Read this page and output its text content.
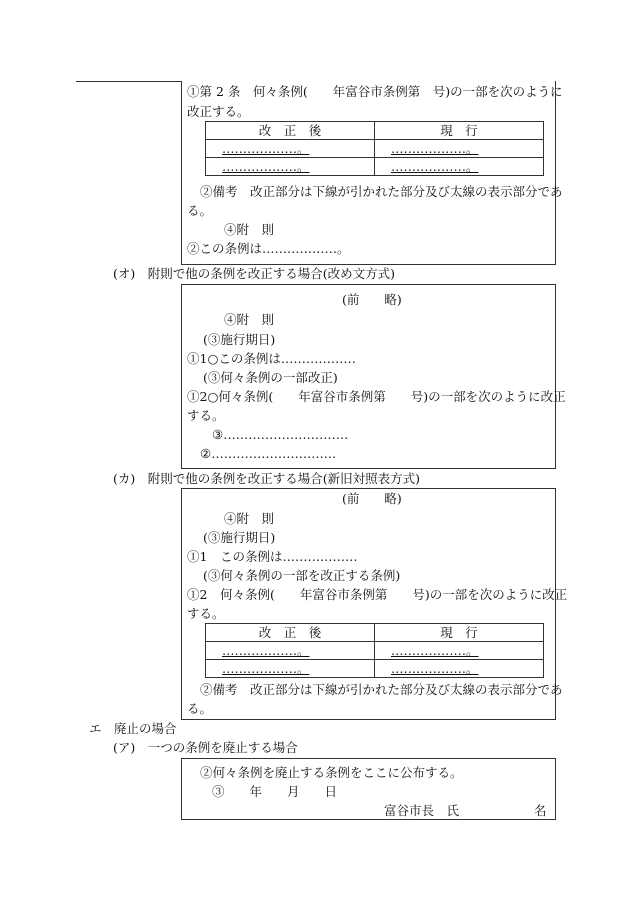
①第 2 条　何々条例(　　年富谷市条例第　号)の一部を次のように
改正する。
改　正　後	現　行
………………。	………………。
………………。	………………。
②備考　改正部分は下線が引かれた部分及び太線の表示部分であ
る。
④附　則
②この条例は………………。
(オ)　附則で他の条例を改正する場合(改め文方式)
(前　　略)
④附　則
(③施行期日)
①1○この条例は………………
(③何々条例の一部改正)
①2○何々条例(　　年富谷市条例第　　号)の一部を次のように改正
する。
③…………………………
②…………………………
(カ)　附則で他の条例を改正する場合(新旧対照表方式)
(前　　略)
④附　則
(③施行期日)
①1　この条例は………………
(③何々条例の一部を改正する条例)
①2　何々条例(　　年富谷市条例第　　号)の一部を次のように改正
する。
改　正　後	現　行
………………。	………………。
………………。	………………。
②備考　改正部分は下線が引かれた部分及び太線の表示部分であ
る。
エ　廃止の場合
(ア)　一つの条例を廃止する場合
②何々条例を廃止する条例をここに公布する。
③　　年　　月　　日
富谷市長　氏　　　　　　名
